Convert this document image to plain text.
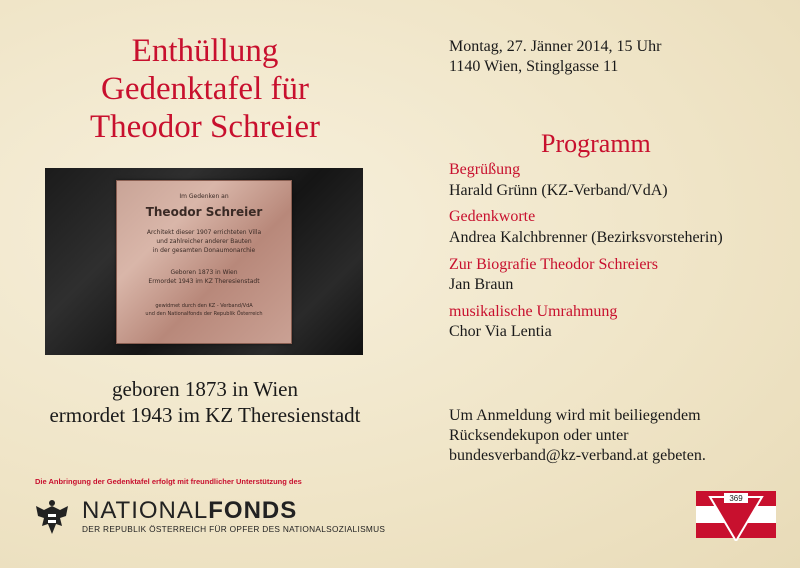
Enthüllung
Gedenktafel für
Theodor Schreier
Im Gedenken an
Theodor Schreier
Architekt dieser 1907 errichteten Villa
und zahlreicher anderer Bauten
in der gesamten Donaumonarchie
Geboren 1873 in Wien
Ermordet 1943 im KZ Theresienstadt
gewidmet durch den KZ - Verband/VdA
und den Nationalfonds der Republik Österreich
geboren 1873 in Wien
ermordet 1943 im KZ Theresienstadt
Die Anbringung der Gedenktafel erfolgt mit freundlicher Unterstützung des
NATIONALFONDS
DER REPUBLIK ÖSTERREICH FÜR OPFER DES NATIONALSOZIALISMUS
Montag, 27. Jänner 2014, 15 Uhr
1140 Wien, Stinglgasse 11
Programm
Begrüßung
Harald Grünn (KZ-Verband/VdA)
Gedenkworte
Andrea Kalchbrenner (Bezirksvorsteherin)
Zur Biografie Theodor Schreiers
Jan Braun
musikalische Umrahmung
Chor Via Lentia
Um Anmeldung wird mit beiliegendem
Rücksendekupon oder unter
bundesverband@kz-verband.at gebeten.
369
